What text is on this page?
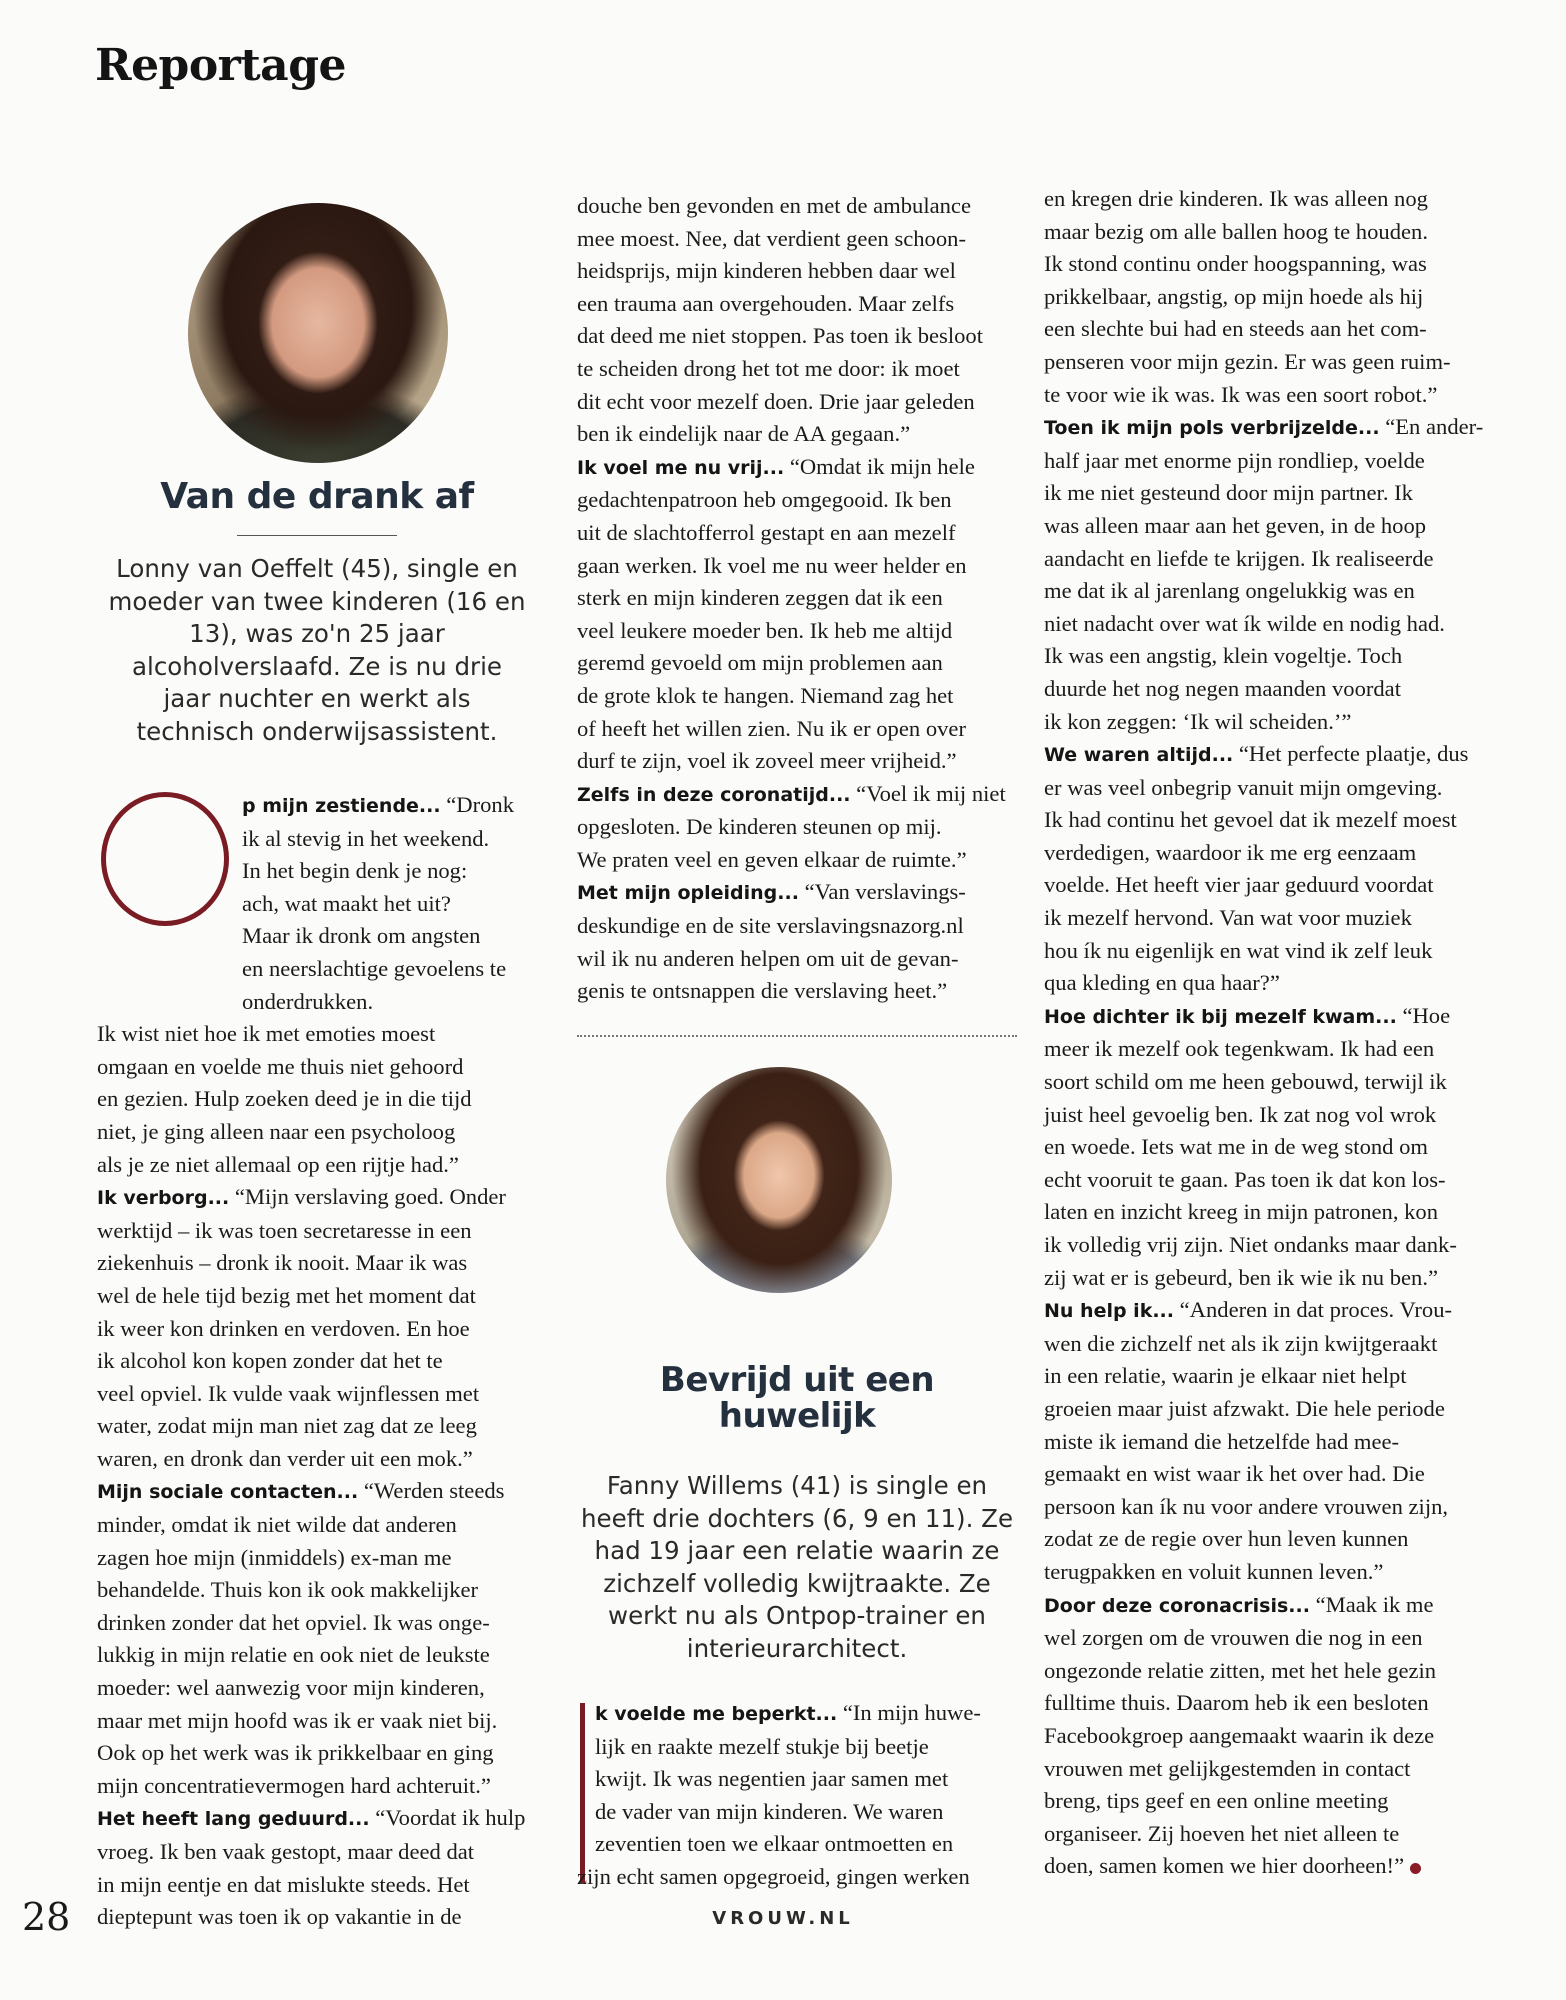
Reportage
Van de drank af
Lonny van Oeffelt (45), single en moeder van twee kinderen (16 en 13), was zo'n 25 jaar alcoholverslaafd. Ze is nu drie jaar nuchter en werkt als technisch onderwijsassistent.

p mijn zestiende... “Dronk

ik al stevig in het weekend.

In het begin denk je nog:

ach, wat maakt het uit?

Maar ik dronk om angsten

en neerslachtige gevoelens te onderdrukken.

Ik wist niet hoe ik met emoties moest

omgaan en voelde me thuis niet gehoord

en gezien. Hulp zoeken deed je in die tijd

niet, je ging alleen naar een psycholoog

als je ze niet allemaal op een rijtje had.”

Ik verborg... “Mijn verslaving goed. Onder

werktijd – ik was toen secretaresse in een

ziekenhuis – dronk ik nooit. Maar ik was

wel de hele tijd bezig met het moment dat

ik weer kon drinken en verdoven. En hoe

ik alcohol kon kopen zonder dat het te

veel opviel. Ik vulde vaak wijnflessen met

water, zodat mijn man niet zag dat ze leeg

waren, en dronk dan verder uit een mok.”

Mijn sociale contacten... “Werden steeds

minder, omdat ik niet wilde dat anderen

zagen hoe mijn (inmiddels) ex-man me

behandelde. Thuis kon ik ook makkelijker

drinken zonder dat het opviel. Ik was onge-

lukkig in mijn relatie en ook niet de leukste

moeder: wel aanwezig voor mijn kinderen,

maar met mijn hoofd was ik er vaak niet bij.

Ook op het werk was ik prikkelbaar en ging

mijn concentratievermogen hard achteruit.”

Het heeft lang geduurd... “Voordat ik hulp

vroeg. Ik ben vaak gestopt, maar deed dat

in mijn eentje en dat mislukte steeds. Het

dieptepunt was toen ik op vakantie in de

douche ben gevonden en met de ambulance

mee moest. Nee, dat verdient geen schoon-

heidsprijs, mijn kinderen hebben daar wel

een trauma aan overgehouden. Maar zelfs

dat deed me niet stoppen. Pas toen ik besloot

te scheiden drong het tot me door: ik moet

dit echt voor mezelf doen. Drie jaar geleden

ben ik eindelijk naar de AA gegaan.”

Ik voel me nu vrij... “Omdat ik mijn hele

gedachtenpatroon heb omgegooid. Ik ben

uit de slachtofferrol gestapt en aan mezelf

gaan werken. Ik voel me nu weer helder en

sterk en mijn kinderen zeggen dat ik een

veel leukere moeder ben. Ik heb me altijd

geremd gevoeld om mijn problemen aan

de grote klok te hangen. Niemand zag het

of heeft het willen zien. Nu ik er open over

durf te zijn, voel ik zoveel meer vrijheid.”

Zelfs in deze coronatijd... “Voel ik mij niet

opgesloten. De kinderen steunen op mij.

We praten veel en geven elkaar de ruimte.”

Met mijn opleiding... “Van verslavings-

deskundige en de site verslavingsnazorg.nl

wil ik nu anderen helpen om uit de gevan-

genis te ontsnappen die verslaving heet.”

Bevrijd uit een
huwelijk
Fanny Willems (41) is single en heeft drie dochters (6, 9 en 11). Ze had 19 jaar een relatie waarin ze zichzelf volledig kwijtraakte. Ze werkt nu als Ontpop-trainer en interieurarchitect.

k voelde me beperkt... “In mijn huwe-

lijk en raakte mezelf stukje bij beetje

kwijt. Ik was negentien jaar samen met

de vader van mijn kinderen. We waren

zeventien toen we elkaar ontmoetten en

zijn echt samen opgegroeid, gingen werken

en kregen drie kinderen. Ik was alleen nog

maar bezig om alle ballen hoog te houden.

Ik stond continu onder hoogspanning, was

prikkelbaar, angstig, op mijn hoede als hij

een slechte bui had en steeds aan het com-

penseren voor mijn gezin. Er was geen ruim-

te voor wie ik was. Ik was een soort robot.”

Toen ik mijn pols verbrijzelde... “En ander-

half jaar met enorme pijn rondliep, voelde

ik me niet gesteund door mijn partner. Ik

was alleen maar aan het geven, in de hoop

aandacht en liefde te krijgen. Ik realiseerde

me dat ik al jarenlang ongelukkig was en

niet nadacht over wat ík wilde en nodig had.

Ik was een angstig, klein vogeltje. Toch

duurde het nog negen maanden voordat

ik kon zeggen: ‘Ik wil scheiden.’”

We waren altijd... “Het perfecte plaatje, dus

er was veel onbegrip vanuit mijn omgeving.

Ik had continu het gevoel dat ik mezelf moest

verdedigen, waardoor ik me erg eenzaam

voelde. Het heeft vier jaar geduurd voordat

ik mezelf hervond. Van wat voor muziek

hou ík nu eigenlijk en wat vind ik zelf leuk

qua kleding en qua haar?”

Hoe dichter ik bij mezelf kwam... “Hoe

meer ik mezelf ook tegenkwam. Ik had een

soort schild om me heen gebouwd, terwijl ik

juist heel gevoelig ben. Ik zat nog vol wrok

en woede. Iets wat me in de weg stond om

echt vooruit te gaan. Pas toen ik dat kon los-

laten en inzicht kreeg in mijn patronen, kon

ik volledig vrij zijn. Niet ondanks maar dank-

zij wat er is gebeurd, ben ik wie ik nu ben.”

Nu help ik... “Anderen in dat proces. Vrou-

wen die zichzelf net als ik zijn kwijtgeraakt

in een relatie, waarin je elkaar niet helpt

groeien maar juist afzwakt. Die hele periode

miste ik iemand die hetzelfde had mee-

gemaakt en wist waar ik het over had. Die

persoon kan ík nu voor andere vrouwen zijn,

zodat ze de regie over hun leven kunnen

terugpakken en voluit kunnen leven.”

Door deze coronacrisis... “Maak ik me

wel zorgen om de vrouwen die nog in een

ongezonde relatie zitten, met het hele gezin

fulltime thuis. Daarom heb ik een besloten

Facebookgroep aangemaakt waarin ik deze

vrouwen met gelijkgestemden in contact

breng, tips geef en een online meeting

organiseer. Zij hoeven het niet alleen te

doen, samen komen we hier doorheen!”

28	VROUW.NL
